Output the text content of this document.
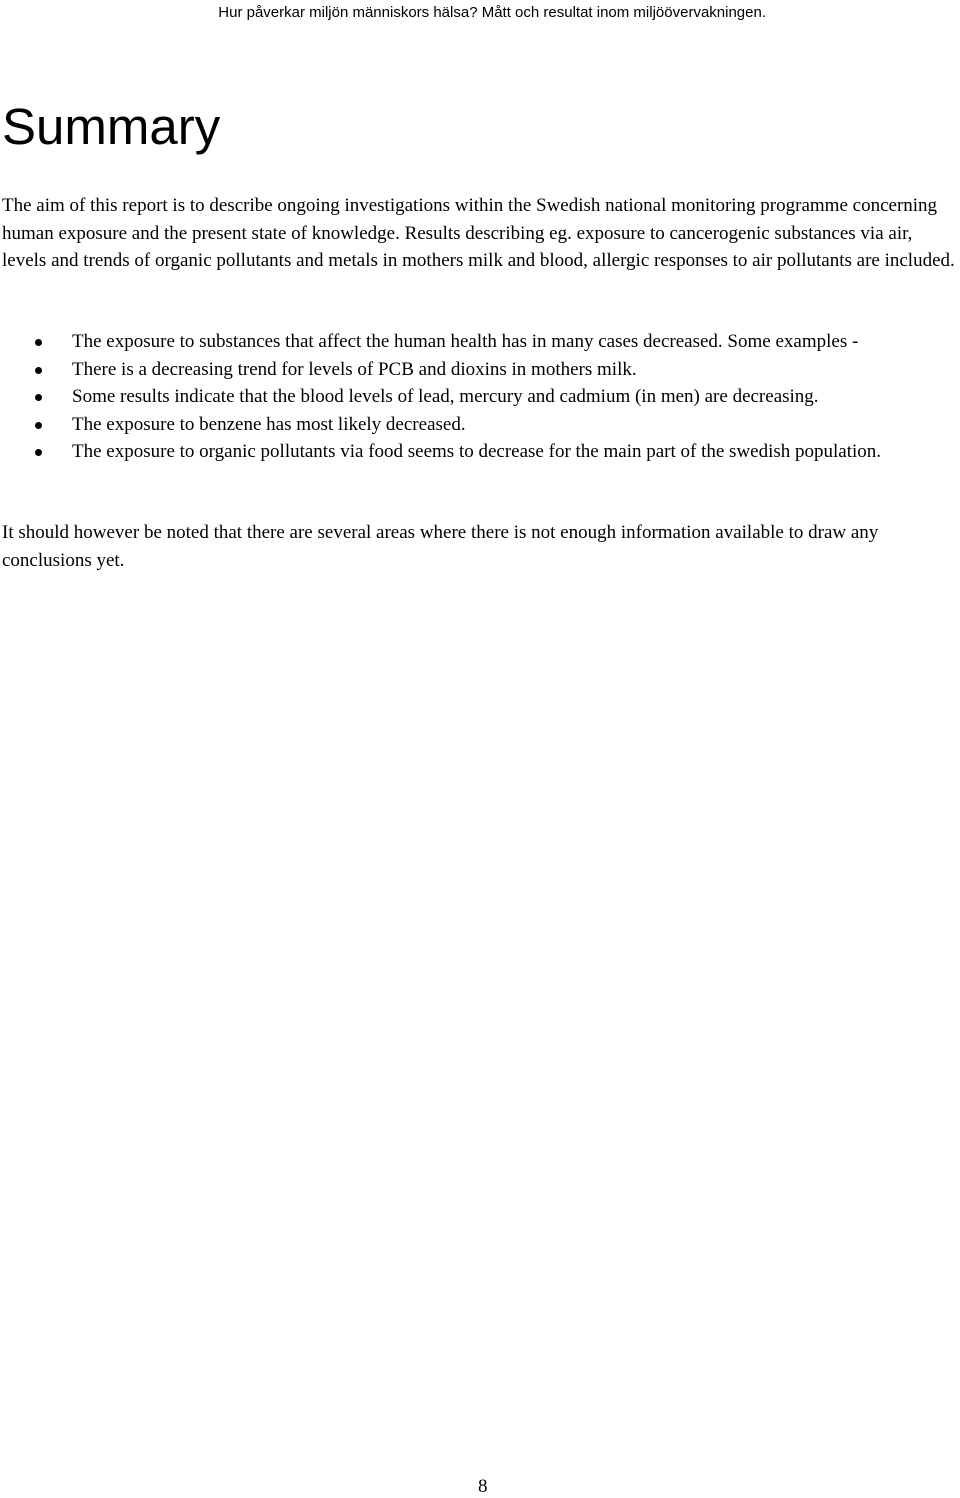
Hur påverkar miljön människors hälsa? Mått och resultat inom miljöövervakningen.
Summary

The aim of this report is to describe ongoing investigations within the Swedish national monitoring programme concerning human exposure and the present state of knowledge. Results describing eg. exposure to cancerogenic substances via air, levels and trends of organic pollutants and metals in mothers milk and blood, allergic responses to air pollutants are included.

The exposure to substances that affect the human health has in many cases decreased. Some examples -
There is a decreasing trend for levels of PCB and dioxins in mothers milk.
Some results indicate that the blood levels of lead, mercury and cadmium (in men) are decreasing.
The exposure to benzene has most likely decreased.
The exposure to organic pollutants via food seems to decrease for the main part of the swedish population.

It should however be noted that there are several areas where there is not enough information available to draw any conclusions yet.

8
